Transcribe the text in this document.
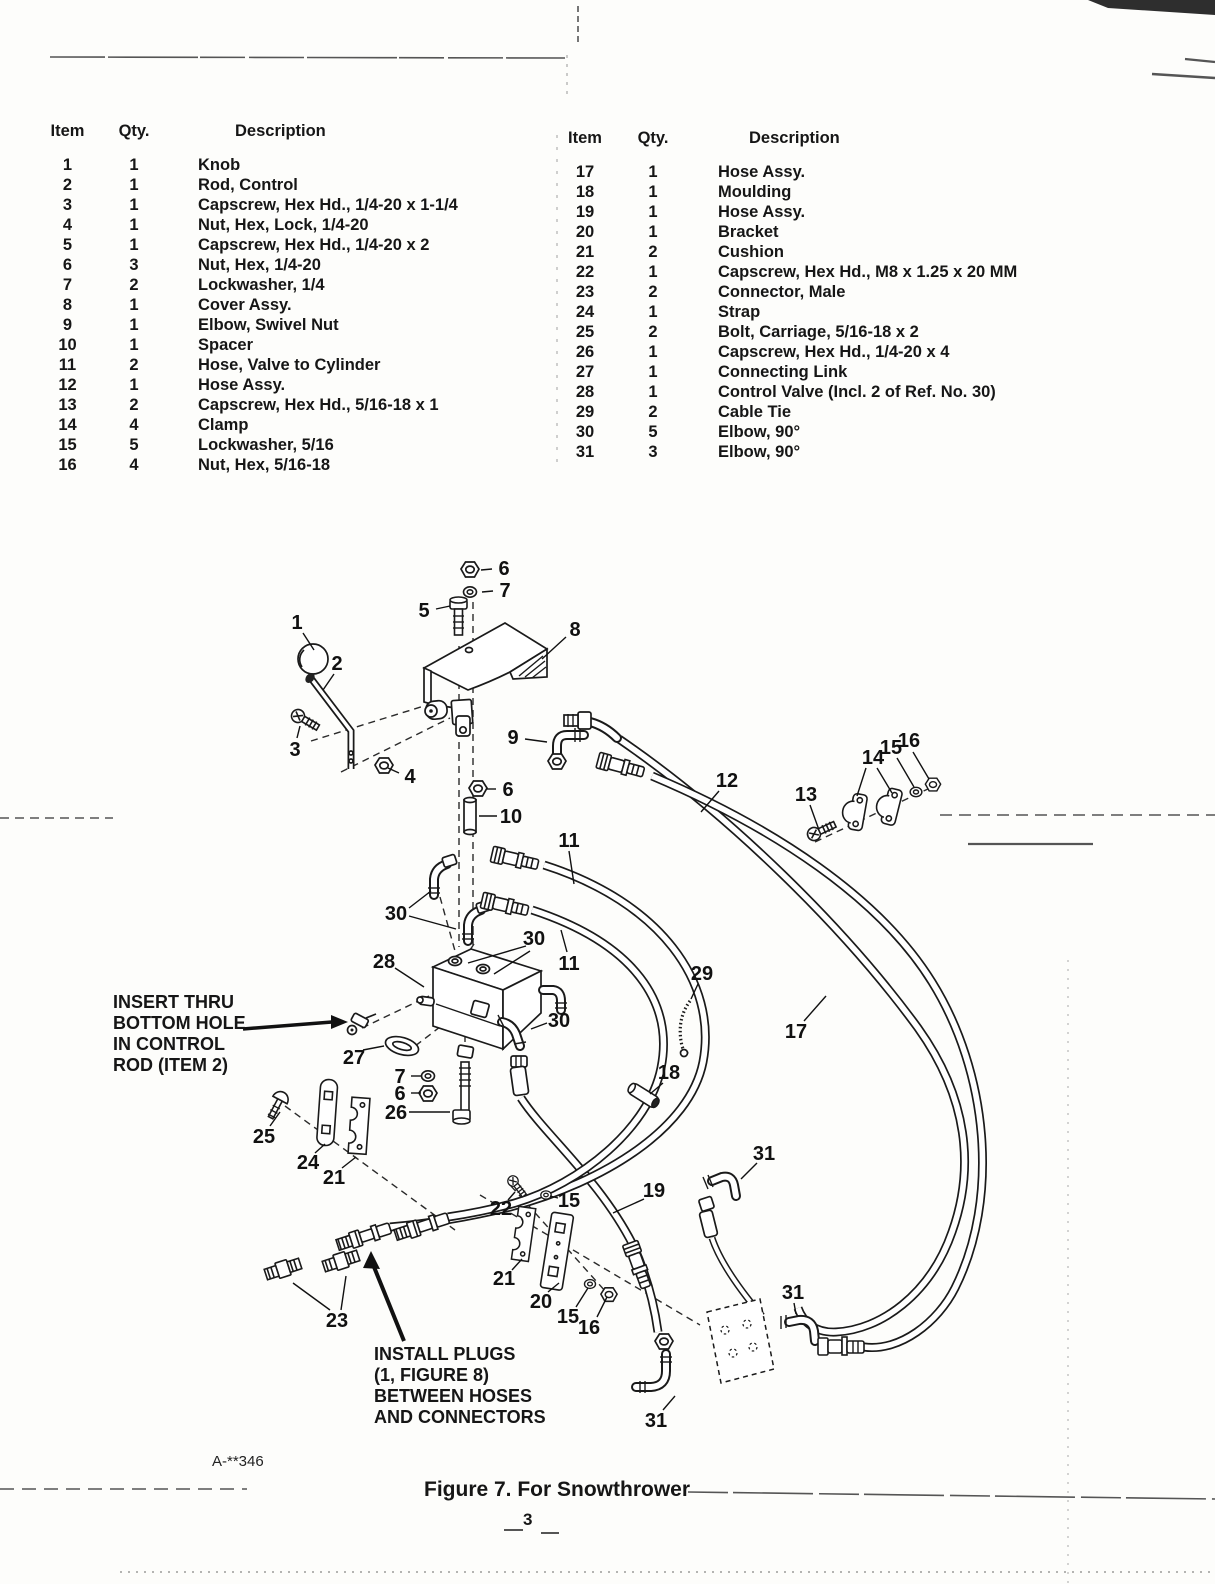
1
2
3
4
5
6
7
8
9
6
10
11
11
12
13
14
15
16
17
18
19
20
21
21
22
23
24
25
26
27
28
29
30
30
30
31
31
31
15
15
16
7
6
Item	Qty.	Description
1	1	Knob
2	1	Rod, Control
3	1	Capscrew, Hex Hd., 1/4-20 x 1-1/4
4	1	Nut, Hex, Lock, 1/4-20
5	1	Capscrew, Hex Hd., 1/4-20 x 2
6	3	Nut, Hex, 1/4-20
7	2	Lockwasher, 1/4
8	1	Cover Assy.
9	1	Elbow, Swivel Nut
10	1	Spacer
11	2	Hose, Valve to Cylinder
12	1	Hose Assy.
13	2	Capscrew, Hex Hd., 5/16-18 x 1
14	4	Clamp
15	5	Lockwasher, 5/16
16	4	Nut, Hex, 5/16-18
Item	Qty.	Description
17	1	Hose Assy.
18	1	Moulding
19	1	Hose Assy.
20	1	Bracket
21	2	Cushion
22	1	Capscrew, Hex Hd., M8 x 1.25 x 20 MM
23	2	Connector, Male
24	1	Strap
25	2	Bolt, Carriage, 5/16-18 x 2
26	1	Capscrew, Hex Hd., 1/4-20 x 4
27	1	Connecting Link
28	1	Control Valve (Incl. 2 of Ref. No. 30)
29	2	Cable Tie
30	5	Elbow, 90°
31	3	Elbow, 90°
INSERT THRU
BOTTOM HOLE
IN CONTROL
ROD (ITEM 2)
INSTALL PLUGS
(1, FIGURE 8)
BETWEEN HOSES
AND CONNECTORS
A-**346
Figure 7. For Snowthrower
3
